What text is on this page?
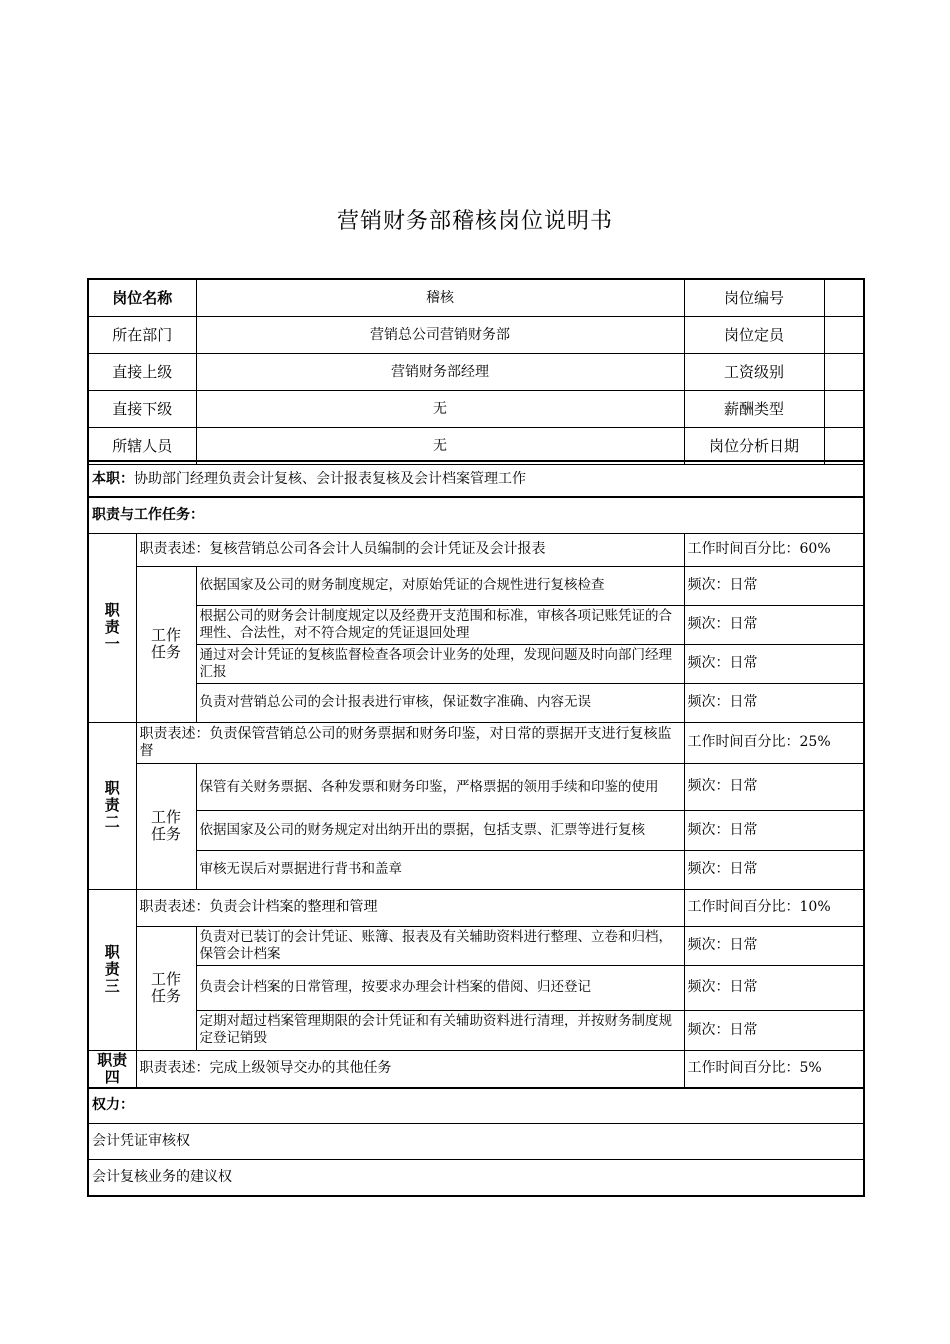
营销财务部稽核岗位说明书
岗位名称	稽核	岗位编号	
所在部门	营销总公司营销财务部	岗位定员	
直接上级	营销财务部经理	工资级别	
直接下级	无	薪酬类型	
所辖人员	无	岗位分析日期	
本职：协助部门经理负责会计复核、会计报表复核及会计档案管理工作			
职责与工作任务：			
职责一	职责表述：复核营销总公司各会计人员编制的会计凭证及会计报表		工作时间百分比：60%
	工作任务	依据国家及公司的财务制度规定，对原始凭证的合规性进行复核检查	频次：日常
		根据公司的财务会计制度规定以及经费开支范围和标准，审核各项记账凭证的合理性、合法性，对不符合规定的凭证退回处理	频次：日常
		通过对会计凭证的复核监督检查各项会计业务的处理，发现问题及时向部门经理汇报	频次：日常
		负责对营销总公司的会计报表进行审核，保证数字准确、内容无误	频次：日常
职责二	职责表述：负责保管营销总公司的财务票据和财务印鉴，对日常的票据开支进行复核监督		工作时间百分比：25%
	工作任务	保管有关财务票据、各种发票和财务印鉴，严格票据的领用手续和印鉴的使用	频次：日常
		依据国家及公司的财务规定对出纳开出的票据，包括支票、汇票等进行复核	频次：日常
		审核无误后对票据进行背书和盖章	频次：日常
职责三	职责表述：负责会计档案的整理和管理		工作时间百分比：10%
	工作任务	负责对已装订的会计凭证、账簿、报表及有关辅助资料进行整理、立卷和归档，保管会计档案	频次：日常
		负责会计档案的日常管理，按要求办理会计档案的借阅、归还登记	频次：日常
		定期对超过档案管理期限的会计凭证和有关辅助资料进行清理，并按财务制度规定登记销毁	频次：日常
职责四	职责表述：完成上级领导交办的其他任务		工作时间百分比：5%
权力：			
会计凭证审核权			
会计复核业务的建议权			
